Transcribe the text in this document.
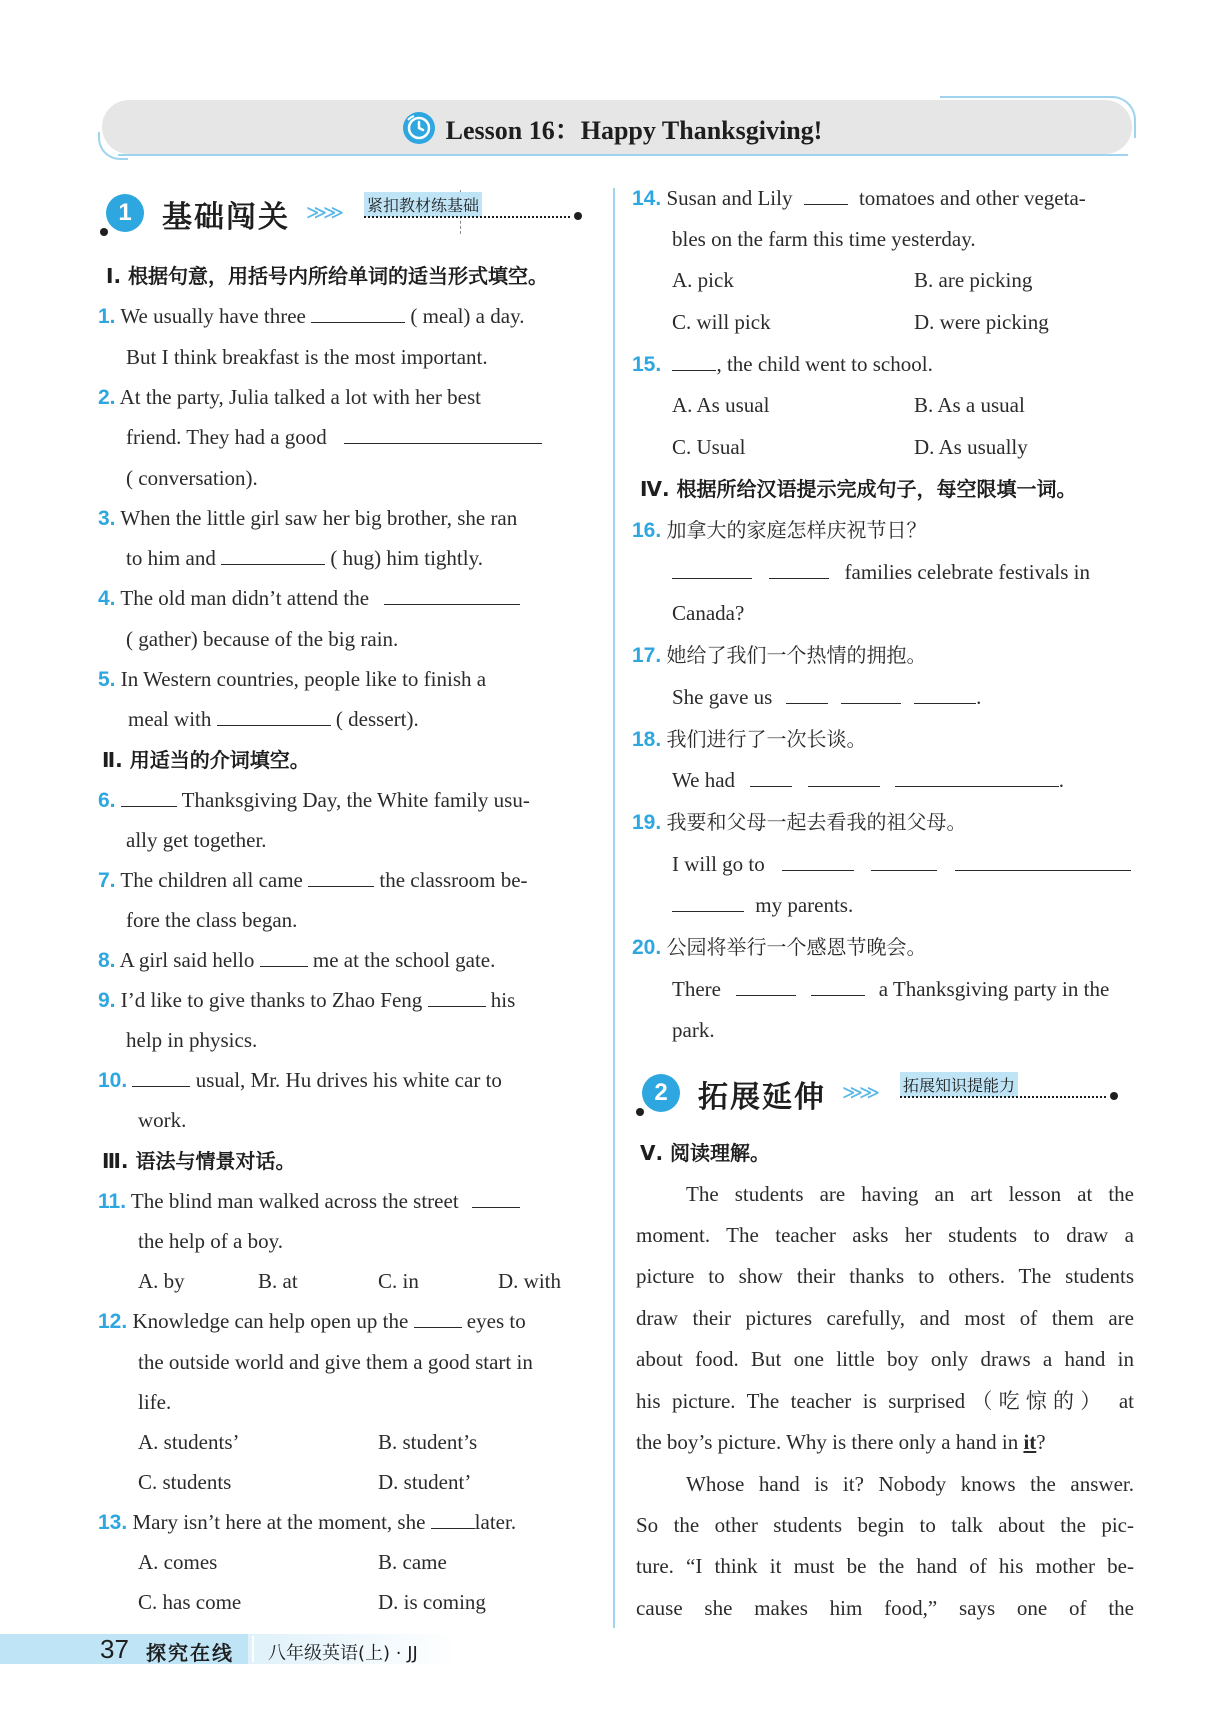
Lesson 16：Happy Thanksgiving!
1	基础闯关 ≫≫ 紧扣教材练基础
2	拓展延伸 ≫≫ 拓展知识提能力
Ⅰ. 根据句意，用括号内所给单词的适当形式填空。
1. We usually have three	( meal) a day.
But I think breakfast is the most important.
2. At the party, Julia talked a lot with her best
friend. They had a good
( conversation).
3. When the little girl saw her big brother, she ran
to him and	( hug) him tightly.
4. The old man didn’t attend the
( gather) because of the big rain.
5. In Western countries, people like to finish a
meal with	( dessert).
Ⅱ. 用适当的介词填空。
6.	Thanksgiving Day, the White family usu-
ally get together.
7. The children all came	the classroom be-
fore the class began.
8. A girl said hello	me at the school gate.
9. I’d like to give thanks to Zhao Feng	his
help in physics.
10.	usual, Mr. Hu drives his white car to
work.
Ⅲ. 语法与情景对话。
11. The blind man walked across the street
the help of a boy.
A. by	B. at	C. in	D. with
12. Knowledge can help open up the	eyes to
the outside world and give them a good start in
life.
A. students’	B. student’s
C. students	D. student’
13. Mary isn’t here at the moment, she later.
A. comes	B. came
C. has come	D. is coming
14. Susan and Lily	tomatoes and other vegeta-
bles on the farm this time yesterday.
A. pick	B. are picking
C. will pick	D. were picking
15.	, the child went to school.
A. As usual	B. As a usual
C. Usual	D. As usually
Ⅳ. 根据所给汉语提示完成句子，每空限填一词。
16. 加拿大的家庭怎样庆祝节日？
families celebrate festivals in
Canada?
17. 她给了我们一个热情的拥抱。
She gave us	.
18. 我们进行了一次长谈。
We had	.
19. 我要和父母一起去看我的祖父母。
I will go to
my parents.
20. 公园将举行一个感恩节晚会。
There	a Thanksgiving party in the
park.
Ⅴ. 阅读理解。
The students are having an art lesson at the
moment. The teacher asks her students to draw a
picture to show their thanks to others. The students
draw their pictures carefully, and most of them are
about food. But one little boy only draws a hand in
his picture. The teacher is surprised（吃惊的） at
the boy’s picture. Why is there only a hand in it?
Whose hand is it? Nobody knows the answer.
So the other students begin to talk about the pic-
ture. “I think it must be the hand of his mother be-
cause she makes him food,” says one of the
37 探究在线 八年级英语(上) · JJ
